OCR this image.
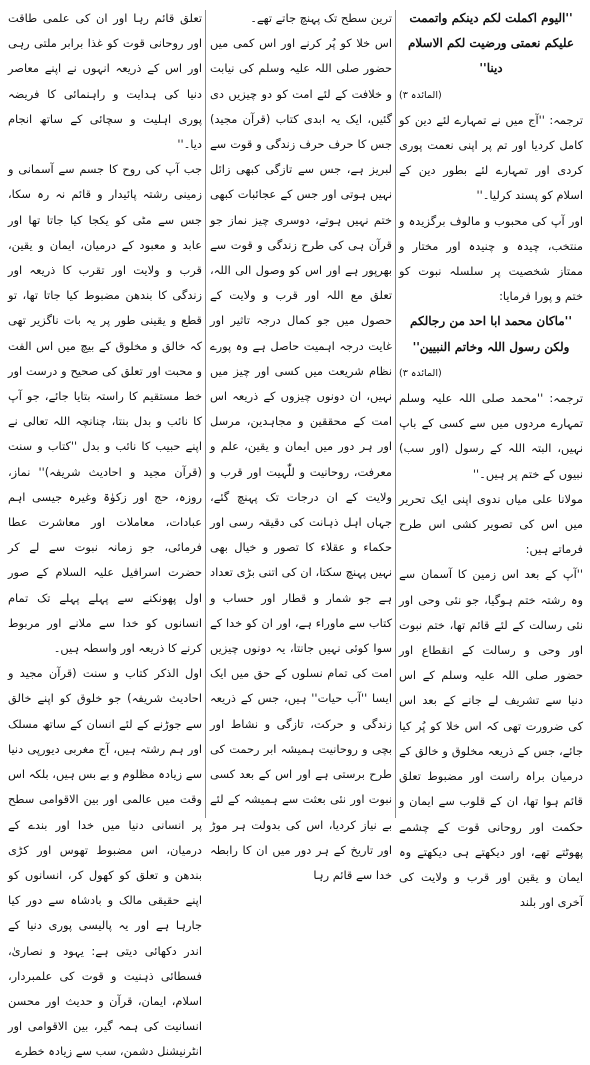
''الیوم اکملت لکم دینکم واتممت علیکم نعمتی ورضیت لکم الاسلام دینا''

(المائدہ ۳)

ترجمہ: ''آج میں نے تمہارے لئے دین کو کامل کردیا اور تم پر اپنی نعمت پوری کردی اور تمہارے لئے بطور دین کے اسلام کو پسند کرلیا۔''

اور آپ کی محبوب و مالوف برگزیدہ و منتخب، چیدہ و چنیدہ اور مختار و ممتاز شخصیت پر سلسلہ نبوت کو ختم و پورا فرمایا:

''ماکان محمد ابا احد من رجالکم ولکن رسول اللہ وخاتم النبیین''

(المائدہ ۳)

ترجمہ: ''محمد صلی اللہ علیہ وسلم تمہارے مردوں میں سے کسی کے باپ نہیں، البتہ اللہ کے رسول (اور سب) نبیوں کے ختم پر ہیں۔''

مولانا علی میاں ندوی اپنی ایک تحریر میں اس کی تصویر کشی اس طرح فرماتے ہیں:

''آپ کے بعد اس زمین کا آسمان سے وہ رشتہ ختم ہوگیا، جو نئی وحی اور نئی رسالت کے لئے قائم تھا، ختم نبوت اور وحی و رسالت کے انقطاع اور حضور صلی اللہ علیہ وسلم کے اس دنیا سے تشریف لے جانے کے بعد اس کی ضرورت تھی کہ اس خلا کو پُر کیا جائے، جس کے ذریعہ مخلوق و خالق کے درمیان براہ راست اور مضبوط تعلق قائم ہوا تھا، ان کے قلوب سے ایمان و حکمت اور روحانی قوت کے چشمے پھوٹتے تھے، اور دیکھتے ہی دیکھتے وہ ایمان و یقین اور قرب و ولایت کی آخری اور بلند

ترین سطح تک پہنچ جاتے تھے۔

اس خلا کو پُر کرنے اور اس کمی میں حضور صلی اللہ علیہ وسلم کی نیابت و خلافت کے لئے امت کو دو چیزیں دی گئیں، ایک یہ ابدی کتاب (قرآن مجید) جس کا حرف حرف زندگی و قوت سے لبریز ہے، جس سے تازگی کبھی زائل نہیں ہوتی اور جس کے عجائبات کبھی ختم نہیں ہوتے، دوسری چیز نماز جو قرآن ہی کی طرح زندگی و قوت سے بھرپور ہے اور اس کو وصول الی اللہ، تعلق مع اللہ اور قرب و ولایت کے حصول میں جو کمال درجہ تاثیر اور غایت درجہ اہمیت حاصل ہے وہ پورے نظام شریعت میں کسی اور چیز میں نہیں، ان دونوں چیزوں کے ذریعہ اس امت کے محققین و مجاہدین، مرسل اور ہر دور میں ایمان و یقین، علم و معرفت، روحانیت و للّٰہیت اور قرب و ولایت کے ان درجات تک پہنچ گئے، جہاں اہل ذہانت کی دقیقہ رسی اور حکماء و عقلاء کا تصور و خیال بھی نہیں پہنچ سکتا، ان کی اتنی بڑی تعداد ہے جو شمار و قطار اور حساب و کتاب سے ماوراء ہے، اور ان کو خدا کے سوا کوئی نہیں جانتا، یہ دونوں چیزیں امت کی تمام نسلوں کے حق میں ایک ایسا ''آب حیات'' ہیں، جس کے ذریعہ زندگی و حرکت، تازگی و نشاط اور بچی و روحانیت ہمیشہ ابر رحمت کی طرح برستی ہے اور اس کے بعد کسی نبوت اور نئی بعثت سے ہمیشہ کے لئے بے نیاز کردیا، اس کی بدولت ہر موڑ اور تاریخ کے ہر دور میں ان کا رابطہ خدا سے قائم رہا

تعلق قائم رہا اور ان کی علمی طاقت اور روحانی قوت کو غذا برابر ملتی رہی اور اس کے ذریعہ انہوں نے اپنے معاصر دنیا کی ہدایت و راہنمائی کا فریضہ پوری اہلیت و سچائی کے ساتھ انجام دیا۔''

جب آپ کی روح کا جسم سے آسمانی و زمینی رشتہ پائیدار و قائم نہ رہ سکا، جس سے مٹی کو یکجا کیا جاتا تھا اور عابد و معبود کے درمیان، ایمان و یقین، قرب و ولایت اور تقرب کا ذریعہ اور زندگی کا بندھن مضبوط کیا جاتا تھا، تو قطع و یقینی طور پر یہ بات ناگزیر تھی کہ خالق و مخلوق کے بیچ میں اس الفت و محبت اور تعلق کی صحیح و درست اور خط مستقیم کا راستہ بتایا جائے، جو آپ کا نائب و بدل بنتا، چنانچہ اللہ تعالی نے اپنے حبیب کا نائب و بدل ''کتاب و سنت (قرآن مجید و احادیث شریفہ)'' نماز، روزہ، حج اور زکوٰۃ وغیرہ جیسی اہم عبادات، معاملات اور معاشرت عطا فرمائی، جو زمانہ نبوت سے لے کر حضرت اسرافیل علیہ السلام کے صور اول پھونکنے سے پہلے پہلے تک تمام انسانوں کو خدا سے ملانے اور مربوط کرنے کا ذریعہ اور واسطہ ہیں۔

اول الذکر کتاب و سنت (قرآن مجید و احادیث شریفہ) جو خلوق کو اپنے خالق سے جوڑنے کے لئے انسان کے ساتھ مسلک اور ہم رشتہ ہیں، آج مغربی دیورپی دنیا سے زیادہ مظلوم و بے بس ہیں، بلکہ اس وقت میں عالمی اور بین الاقوامی سطح پر انسانی دنیا میں خدا اور بندے کے درمیان، اس مضبوط تھوس اور کڑی بندھن و تعلق کو کھول کر، انسانوں کو اپنے حقیقی مالک و بادشاہ سے دور کیا جارہا ہے اور یہ پالیسی پوری دنیا کے اندر دکھائی دیتی ہے: یہود و نصاریٰ، فسطائی ذہنیت و قوت کی علمبردار، اسلام، ایمان، قرآن و حدیث اور محسن انسانیت کی ہمہ گیر، بین الاقوامی اور انٹرنیشنل دشمن، سب سے زیادہ خطرے
